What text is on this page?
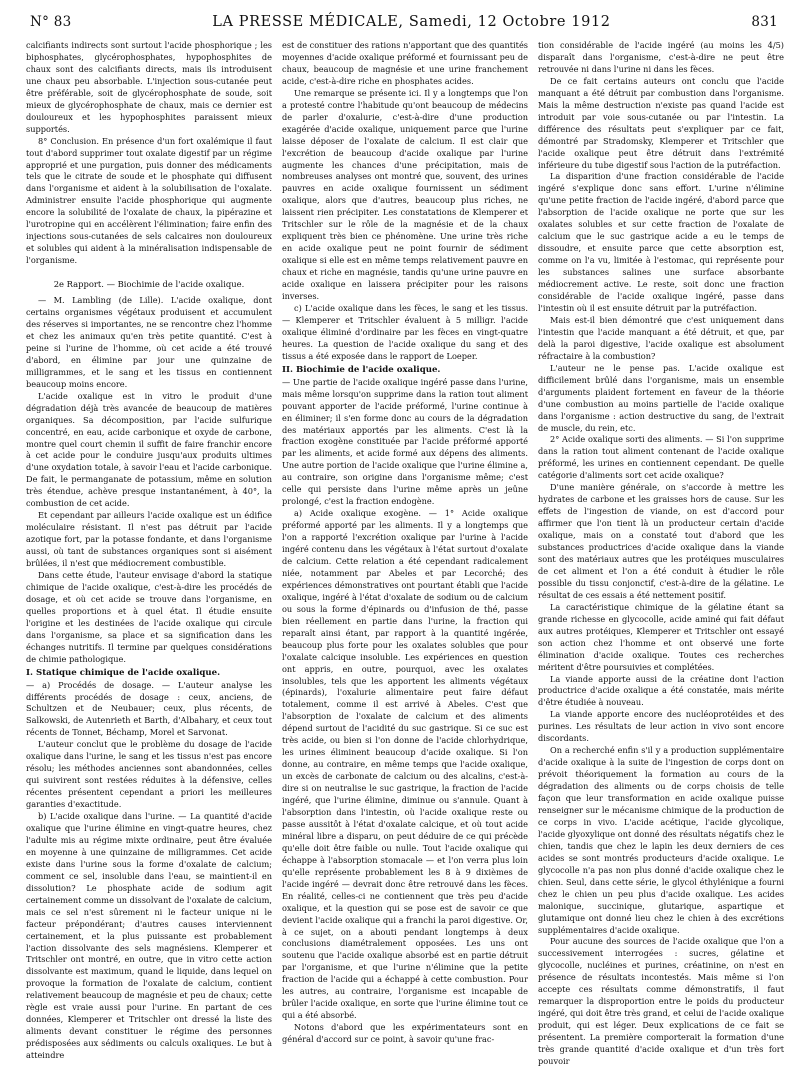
N° 83	LA PRESSE MÉDICALE, Samedi, 12 Octobre 1912	831

calcifiants indirects sont surtout l'acide phosphorique ; les biphosphates, glycérophosphates, hypophosphites de chaux sont des calcifiants directs, mais ils introduisent une chaux peu absorbable. L'injection sous-cutanée peut être préférable, soit de glycérophosphate de soude, soit mieux de glycérophosphate de chaux, mais ce dernier est douloureux et les hypophosphites paraissent mieux supportés.

8° Conclusion. En présence d'un fort oxalémique il faut tout d'abord supprimer tout oxalate digestif par un régime approprié et une purgation, puis donner des médicaments tels que le citrate de soude et le phosphate qui diffusent dans l'organisme et aident à la solubilisation de l'oxalate. Administrer ensuite l'acide phosphorique qui augmente encore la solubilité de l'oxalate de chaux, la pipérazine et l'urotropine qui en accélèrent l'élimination; faire enfin des injections sous-cutanées de sels calcaires non douloureux et solubles qui aident à la minéralisation indispensable de l'organisme.

2e Rapport. — Biochimie de l'acide oxalique.

— M. Lambling (de Lille). L'acide oxalique, dont certains organismes végétaux produisent et accumulent des réserves si importantes, ne se rencontre chez l'homme et chez les animaux qu'en très petite quantité. C'est à peine si l'urine de l'homme, où cet acide a été trouvé d'abord, en élimine par jour une quinzaine de milligrammes, et le sang et les tissus en contiennent beaucoup moins encore.

L'acide oxalique est in vitro le produit d'une dégradation déjà très avancée de beaucoup de matières organiques. Sa décomposition, par l'acide sulfurique concentré, en eau, acide carbonique et oxyde de carbone, montre quel court chemin il suffit de faire franchir encore à cet acide pour le conduire jusqu'aux produits ultimes d'une oxydation totale, à savoir l'eau et l'acide carbonique. De fait, le permanganate de potassium, même en solution très étendue, achève presque instantanément, à 40°, la combustion de cet acide.

Et cependant par ailleurs l'acide oxalique est un édifice moléculaire résistant. Il n'est pas détruit par l'acide azotique fort, par la potasse fondante, et dans l'organisme aussi, où tant de substances organiques sont si aisément brûlées, il n'est que médiocrement combustible.

Dans cette étude, l'auteur envisage d'abord la statique chimique de l'acide oxalique, c'est-à-dire les procédés de dosage, et où cet acide se trouve dans l'organisme, en quelles proportions et à quel état. Il étudie ensuite l'origine et les destinées de l'acide oxalique qui circule dans l'organisme, sa place et sa signification dans les échanges nutritifs. Il termine par quelques considérations de chimie pathologique.

I. Statique chimique de l'acide oxalique.

— a) Procédés de dosage. — L'auteur analyse les différents procédés de dosage : ceux, anciens, de Schultzen et de Neubauer; ceux, plus récents, de Salkowski, de Autenrieth et Barth, d'Albahary, et ceux tout récents de Tonnet, Béchamp, Morel et Sarvonat.

L'auteur conclut que le problème du dosage de l'acide oxalique dans l'urine, le sang et les tissus n'est pas encore résolu; les méthodes anciennes sont abandonnées, celles qui suivirent sont restées réduites à la défensive, celles récentes présentent cependant a priori les meilleures garanties d'exactitude.

b) L'acide oxalique dans l'urine. — La quantité d'acide oxalique que l'urine élimine en vingt-quatre heures, chez l'adulte mis au régime mixte ordinaire, peut être évaluée en moyenne à une quinzaine de milligrammes. Cet acide existe dans l'urine sous la forme d'oxalate de calcium; comment ce sel, insoluble dans l'eau, se maintient-il en dissolution? Le phosphate acide de sodium agit certainement comme un dissolvant de l'oxalate de calcium, mais ce sel n'est sûrement ni le facteur unique ni le facteur prépondérant; d'autres causes interviennent certainement, et la plus puissante est probablement l'action dissolvante des sels magnésiens. Klemperer et Tritschler ont montré, en outre, que in vitro cette action dissolvante est maximum, quand le liquide, dans lequel on provoque la formation de l'oxalate de calcium, contient relativement beaucoup de magnésie et peu de chaux; cette règle est vraie aussi pour l'urine. En partant de ces données, Klemperer et Tritschler ont dressé la liste des aliments devant constituer le régime des personnes prédisposées aux sédiments ou calculs oxaliques. Le but à atteindre

est de constituer des rations n'apportant que des quantités moyennes d'acide oxalique préformé et fournissant peu de chaux, beaucoup de magnésie et une urine franchement acide, c'est-à-dire riche en phosphates acides.

Une remarque se présente ici. Il y a longtemps que l'on a protesté contre l'habitude qu'ont beaucoup de médecins de parler d'oxalurie, c'est-à-dire d'une production exagérée d'acide oxalique, uniquement parce que l'urine laisse déposer de l'oxalate de calcium. Il est clair que l'excrétion de beaucoup d'acide oxalique par l'urine augmente les chances d'une précipitation, mais de nombreuses analyses ont montré que, souvent, des urines pauvres en acide oxalique fournissent un sédiment oxalique, alors que d'autres, beaucoup plus riches, ne laissent rien précipiter. Les constatations de Klemperer et Tritschler sur le rôle de la magnésie et de la chaux expliquent très bien ce phénomène. Une urine très riche en acide oxalique peut ne point fournir de sédiment oxalique si elle est en même temps relativement pauvre en chaux et riche en magnésie, tandis qu'une urine pauvre en acide oxalique en laissera précipiter pour les raisons inverses.

c) L'acide oxalique dans les fèces, le sang et les tissus. — Klemperer et Tritschler évaluent à 5 milligr. l'acide oxalique éliminé d'ordinaire par les fèces en vingt-quatre heures. La question de l'acide oxalique du sang et des tissus a été exposée dans le rapport de Loeper.

II. Biochimie de l'acide oxalique.

— Une partie de l'acide oxalique ingéré passe dans l'urine, mais même lorsqu'on supprime dans la ration tout aliment pouvant apporter de l'acide préformé, l'urine continue à en éliminer; il s'en forme donc au cours de la dégradation des matériaux apportés par les aliments. C'est là la fraction exogène constituée par l'acide préformé apporté par les aliments, et acide formé aux dépens des aliments. Une autre portion de l'acide oxalique que l'urine élimine a, au contraire, son origine dans l'organisme même; c'est celle qui persiste dans l'urine même après un jeûne prolongé, c'est la fraction endogène.

a) Acide oxalique exogène. — 1° Acide oxalique préformé apporté par les aliments. Il y a longtemps que l'on a rapporté l'excrétion oxalique par l'urine à l'acide ingéré contenu dans les végétaux à l'état surtout d'oxalate de calcium. Cette relation a été cependant radicalement niée, notamment par Abeles et par Lecorché; des expériences démonstratives ont pourtant établi que l'acide oxalique, ingéré à l'état d'oxalate de sodium ou de calcium ou sous la forme d'épinards ou d'infusion de thé, passe bien réellement en partie dans l'urine, la fraction qui reparaît ainsi étant, par rapport à la quantité ingérée, beaucoup plus forte pour les oxalates solubles que pour l'oxalate calcique insoluble. Les expériences en question ont appris, en outre, pourquoi, avec les oxalates insolubles, tels que les apportent les aliments végétaux (épinards), l'oxalurie alimentaire peut faire défaut totalement, comme il est arrivé à Abeles. C'est que l'absorption de l'oxalate de calcium et des aliments dépend surtout de l'acidité du suc gastrique. Si ce suc est très acide, ou bien si l'on donne de l'acide chlorhydrique, les urines éliminent beaucoup d'acide oxalique. Si l'on donne, au contraire, en même temps que l'acide oxalique, un excès de carbonate de calcium ou des alcalins, c'est-à-dire si on neutralise le suc gastrique, la fraction de l'acide ingéré, que l'urine élimine, diminue ou s'annule. Quant à l'absorption dans l'intestin, où l'acide oxalique reste ou passe aussitôt à l'état d'oxalate calcique, et où tout acide minéral libre a disparu, on peut déduire de ce qui précède qu'elle doit être faible ou nulle. Tout l'acide oxalique qui échappe à l'absorption stomacale — et l'on verra plus loin qu'elle représente probablement les 8 à 9 dixièmes de l'acide ingéré — devrait donc être retrouvé dans les fèces. En réalité, celles-ci ne contiennent que très peu d'acide oxalique, et la question qui se pose est de savoir ce que devient l'acide oxalique qui a franchi la paroi digestive. Or, à ce sujet, on a abouti pendant longtemps à deux conclusions diamétralement opposées. Les uns ont soutenu que l'acide oxalique absorbé est en partie détruit par l'organisme, et que l'urine n'élimine que la petite fraction de l'acide qui a échappé à cette combustion. Pour les autres, au contraire, l'organisme est incapable de brûler l'acide oxalique, en sorte que l'urine élimine tout ce qui a été absorbé.

Notons d'abord que les expérimentateurs sont en général d'accord sur ce point, à savoir qu'une frac-

tion considérable de l'acide ingéré (au moins les 4/5) disparaît dans l'organisme, c'est-à-dire ne peut être retrouvée ni dans l'urine ni dans les fèces.

De ce fait certains auteurs ont conclu que l'acide manquant a été détruit par combustion dans l'organisme. Mais la même destruction n'existe pas quand l'acide est introduit par voie sous-cutanée ou par l'intestin. La différence des résultats peut s'expliquer par ce fait, démontré par Stradomsky, Klemperer et Tritschler que l'acide oxalique peut être détruit dans l'extrémité inférieure du tube digestif sous l'action de la putréfaction.

La disparition d'une fraction considérable de l'acide ingéré s'explique donc sans effort. L'urine n'élimine qu'une petite fraction de l'acide ingéré, d'abord parce que l'absorption de l'acide oxalique ne porte que sur les oxalates solubles et sur cette fraction de l'oxalate de calcium que le suc gastrique acide a eu le temps de dissoudre, et ensuite parce que cette absorption est, comme on l'a vu, limitée à l'estomac, qui représente pour les substances salines une surface absorbante médiocrement active. Le reste, soit donc une fraction considérable de l'acide oxalique ingéré, passe dans l'intestin où il est ensuite détruit par la putréfaction.

Mais est-il bien démontré que c'est uniquement dans l'intestin que l'acide manquant a été détruit, et que, par delà la paroi digestive, l'acide oxalique est absolument réfractaire à la combustion?

L'auteur ne le pense pas. L'acide oxalique est difficilement brûlé dans l'organisme, mais un ensemble d'arguments plaident fortement en faveur de la théorie d'une combustion au moins partielle de l'acide oxalique dans l'organisme : action destructive du sang, de l'extrait de muscle, du rein, etc.

2° Acide oxalique sorti des aliments. — Si l'on supprime dans la ration tout aliment contenant de l'acide oxalique préformé, les urines en contiennent cependant. De quelle catégorie d'aliments sort cet acide oxalique?

D'une manière générale, on s'accorde à mettre les hydrates de carbone et les graisses hors de cause. Sur les effets de l'ingestion de viande, on est d'accord pour affirmer que l'on tient là un producteur certain d'acide oxalique, mais on a constaté tout d'abord que les substances productrices d'acide oxalique dans la viande sont des matériaux autres que les protéiques musculaires de cet aliment et l'on a été conduit à étudier le rôle possible du tissu conjonctif, c'est-à-dire de la gélatine. Le résultat de ces essais a été nettement positif.

La caractéristique chimique de la gélatine étant sa grande richesse en glycocolle, acide aminé qui fait défaut aux autres protéiques, Klemperer et Tritschler ont essayé son action chez l'homme et ont observé une forte élimination d'acide oxalique. Toutes ces recherches méritent d'être poursuivies et complétées.

La viande apporte aussi de la créatine dont l'action productrice d'acide oxalique a été constatée, mais mérite d'être étudiée à nouveau.

La viande apporte encore des nucléoprotéides et des purines. Les résultats de leur action in vivo sont encore discordants.

On a recherché enfin s'il y a production supplémentaire d'acide oxalique à la suite de l'ingestion de corps dont on prévoit théoriquement la formation au cours de la dégradation des aliments ou de corps choisis de telle façon que leur transformation en acide oxalique puisse renseigner sur le mécanisme chimique de la production de ce corps in vivo. L'acide acétique, l'acide glycolique, l'acide glyoxylique ont donné des résultats négatifs chez le chien, tandis que chez le lapin les deux derniers de ces acides se sont montrés producteurs d'acide oxalique. Le glycocolle n'a pas non plus donné d'acide oxalique chez le chien. Seul, dans cette série, le glycol éthylénique a fourni chez le chien un peu plus d'acide oxalique. Les acides malonique, succinique, glutarique, aspartique et glutamique ont donné lieu chez le chien à des excrétions supplémentaires d'acide oxalique.

Pour aucune des sources de l'acide oxalique que l'on a successivement interrogées : sucres, gélatine et glycocolle, nucléines et purines, créatinine, on n'est en présence de résultats incontestés. Mais même si l'on accepte ces résultats comme démonstratifs, il faut remarquer la disproportion entre le poids du producteur ingéré, qui doit être très grand, et celui de l'acide oxalique produit, qui est léger. Deux explications de ce fait se présentent. La première comporterait la formation d'une très grande quantité d'acide oxalique et d'un très fort pouvoir
